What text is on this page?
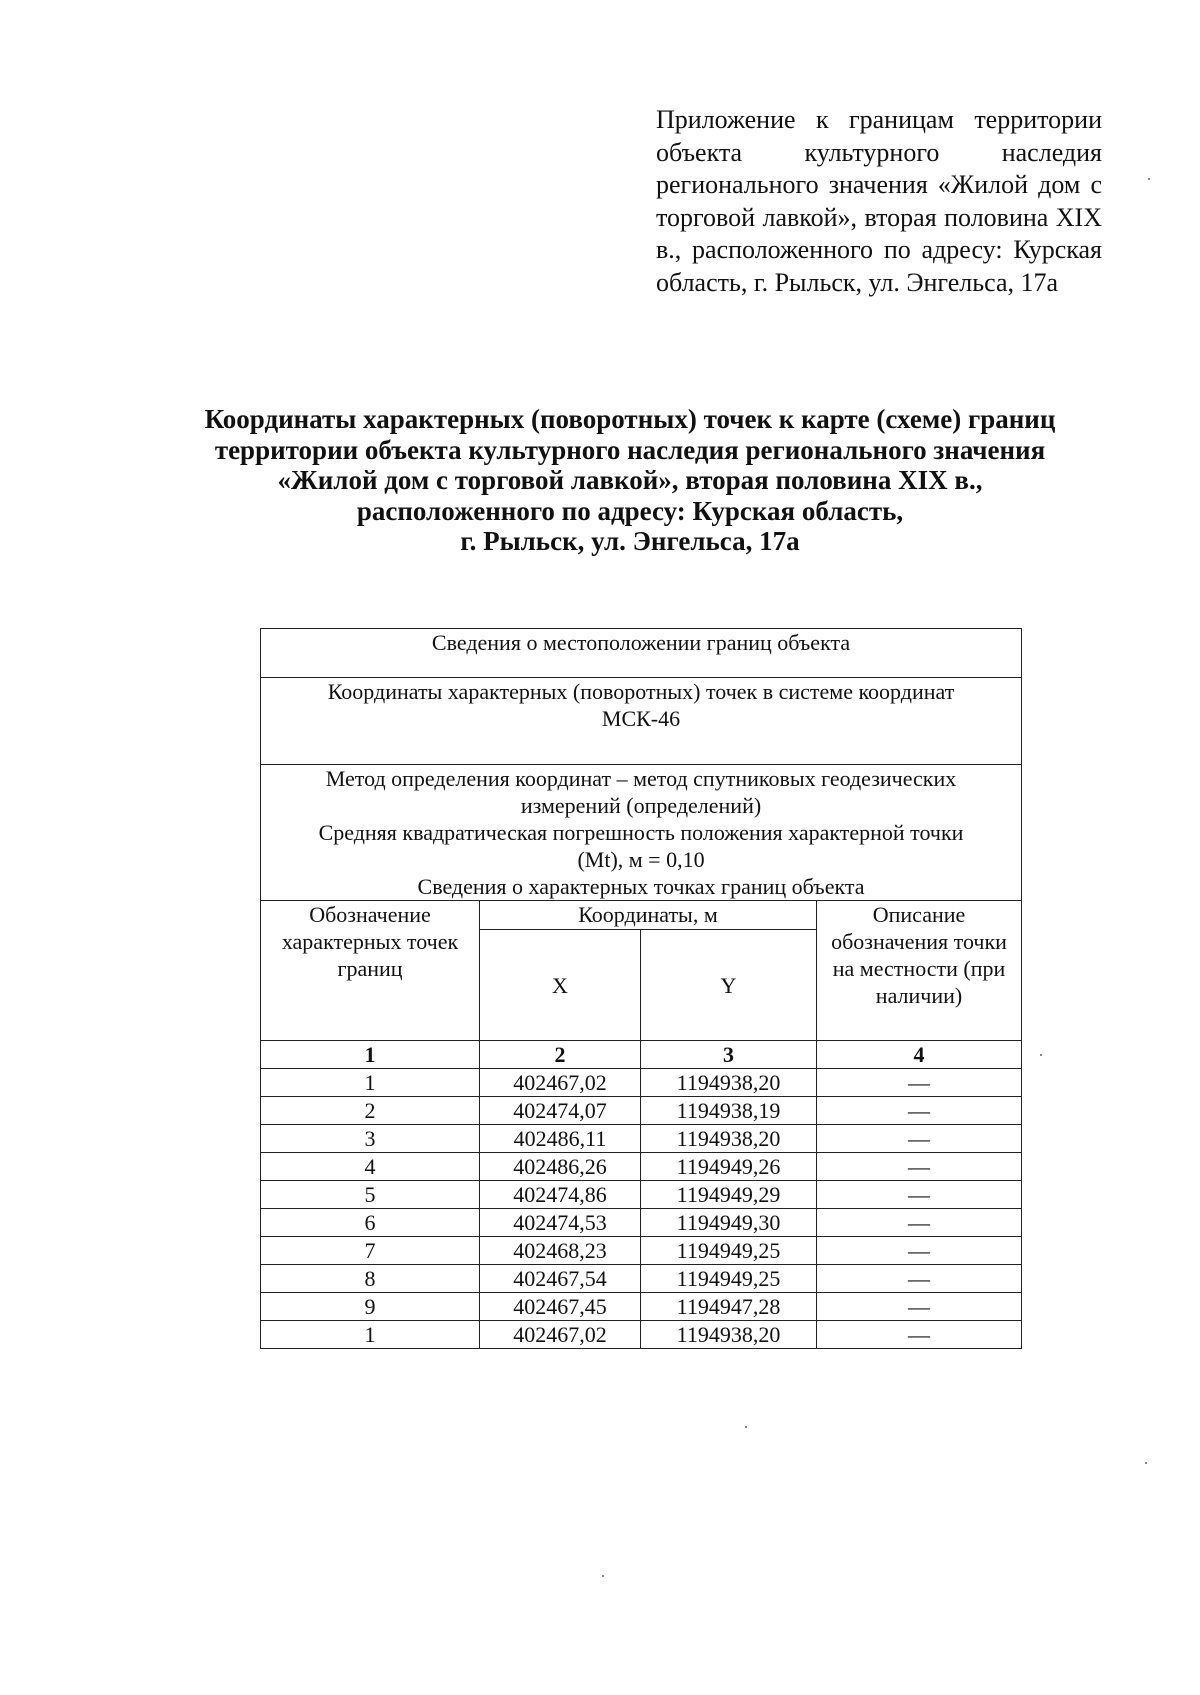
Приложение к границам территории объекта культурного наследия регионального значения «Жилой дом с торговой лавкой», вторая половина XIX в., расположенного по адресу: Курская область, г. Рыльск, ул. Энгельса, 17а
Координаты характерных (поворотных) точек к карте (схеме) границ
территории объекта культурного наследия регионального значения
«Жилой дом с торговой лавкой», вторая половина XIX в.,
расположенного по адресу: Курская область,
г. Рыльск, ул. Энгельса, 17а
Сведения о местоположении границ объекта			

Координаты характерных (поворотных) точек в системе координат
МСК-46			

Метод определения координат – метод спутниковых геодезических
измерений (определений)
Средняя квадратическая погрешность положения характерной точки
(Mt), м = 0,10
Сведения о характерных точках границ объекта			

Обозначение характерных точек границ	Координаты, м		Описание обозначения точки на местности (при наличии)
	X	Y	
1	2	3	4
1	402467,02	1194938,20	—
2	402474,07	1194938,19	—
3	402486,11	1194938,20	—
4	402486,26	1194949,26	—
5	402474,86	1194949,29	—
6	402474,53	1194949,30	—
7	402468,23	1194949,25	—
8	402467,54	1194949,25	—
9	402467,45	1194947,28	—
1	402467,02	1194938,20	—
